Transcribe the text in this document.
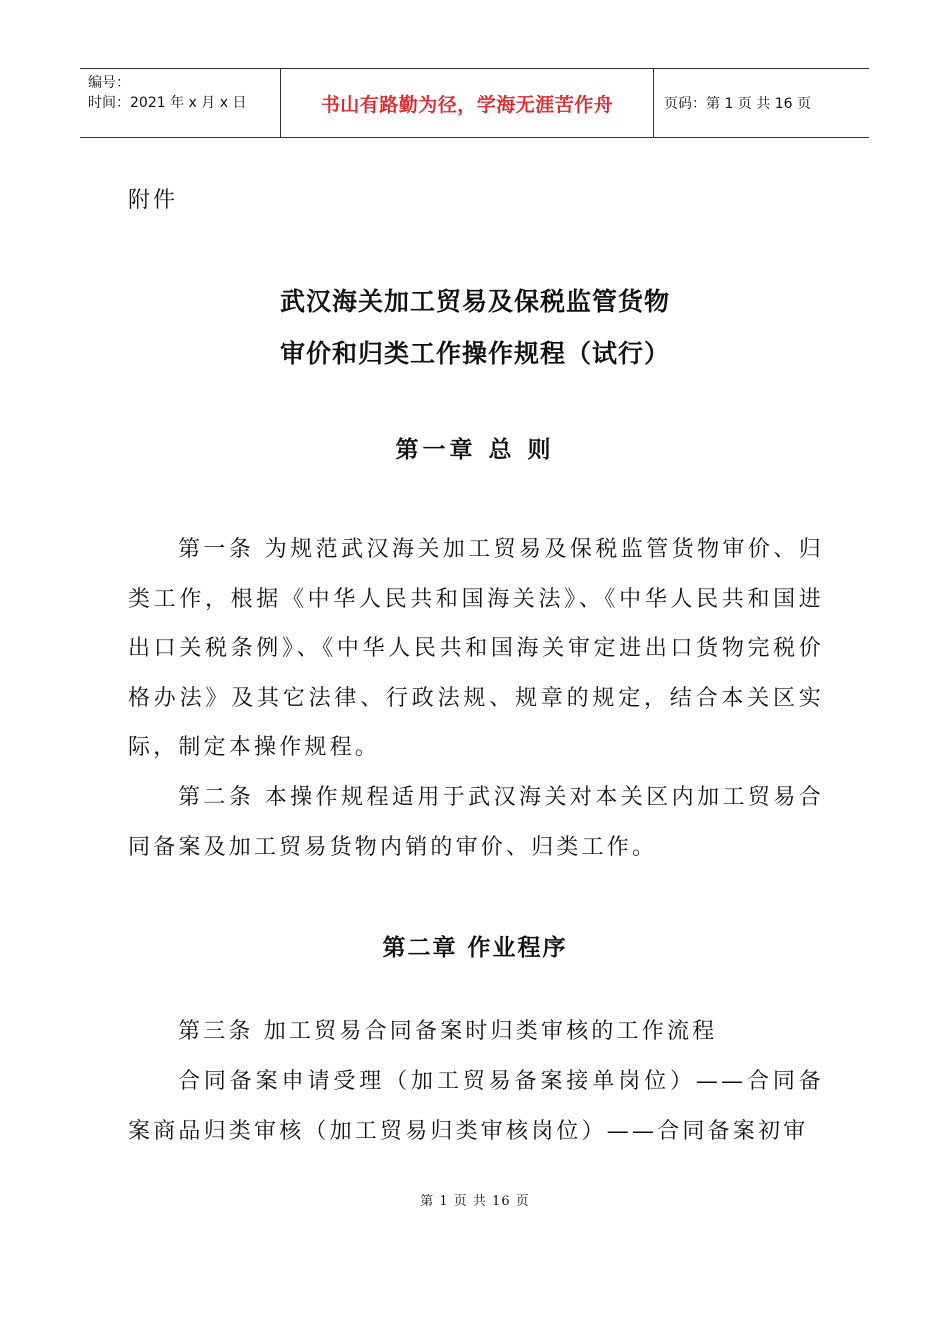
编号：
时间：2021 年 x 月 x 日	书山有路勤为径，学海无涯苦作舟	页码：第 1 页 共 16 页
附件
武汉海关加工贸易及保税监管货物
审价和归类工作操作规程（试行）
第一章 总 则
第一条 为规范武汉海关加工贸易及保税监管货物审价、归类工作，根据《中华人民共和国海关法》、《中华人民共和国进出口关税条例》、《中华人民共和国海关审定进出口货物完税价格办法》及其它法律、行政法规、规章的规定，结合本关区实际，制定本操作规程。
第二条 本操作规程适用于武汉海关对本关区内加工贸易合同备案及加工贸易货物内销的审价、归类工作。
第二章 作业程序
第三条 加工贸易合同备案时归类审核的工作流程
合同备案申请受理（加工贸易备案接单岗位）——合同备案商品归类审核（加工贸易归类审核岗位）——合同备案初审
第 1 页 共 16 页
